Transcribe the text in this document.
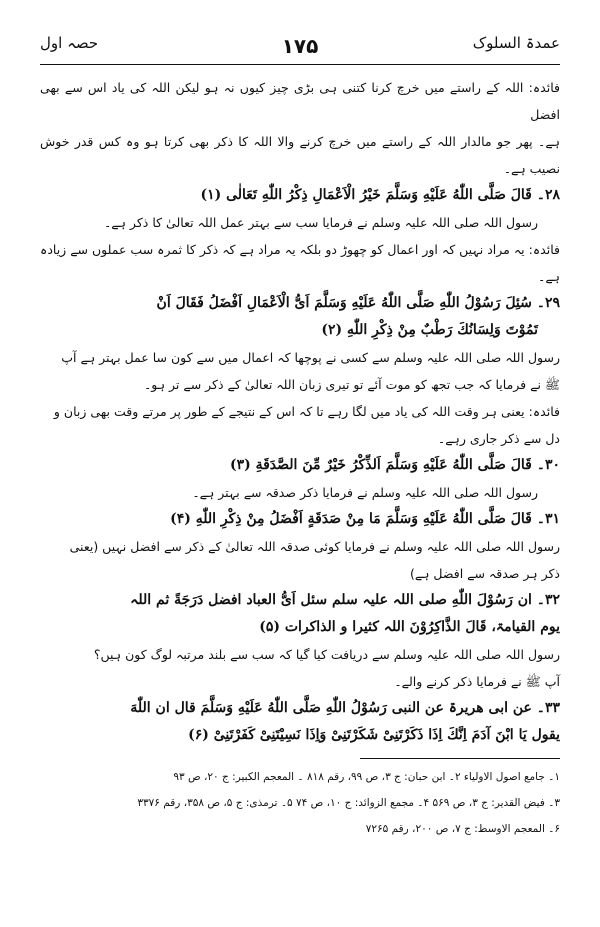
عمدۃ السلوک
۱۷۵
حصہ اول

فائدہ: اللہ کے راستے میں خرچ کرنا کتنی ہی بڑی چیز کیوں نہ ہو لیکن اللہ کی یاد اس سے بھی افضل

ہے۔ پھر جو مالدار اللہ کے راستے میں خرچ کرنے والا اللہ کا ذکر بھی کرتا ہو وہ کس قدر خوش نصیب ہے۔

۲۸۔ قَالَ صَلَّى اللّٰهُ عَلَيْهِ وَسَلَّمَ خَيْرُ الْاَعْمَالِ ذِكْرُ اللّٰهِ تَعَالٰى (۱)

رسول اللہ صلی اللہ علیہ وسلم نے فرمایا سب سے بہتر عمل اللہ تعالیٰ کا ذکر ہے۔

فائدہ: یہ مراد نہیں کہ اور اعمال کو چھوڑ دو بلکہ یہ مراد ہے کہ ذکر کا ثمرہ سب عملوں سے زیادہ ہے۔

۲۹۔ سُئِلَ رَسُوْلُ اللّٰهِ صَلَّى اللّٰهُ عَلَيْهِ وَسَلَّمَ اَیُّ الْاَعْمَالِ اَفْضَلُ فَقَالَ اَنْ

تَمُوْتَ وَلِسَانُكَ رَطْبٌ مِنْ ذِكْرِ اللّٰهِ (۲)

رسول اللہ صلی اللہ علیہ وسلم سے کسی نے پوچھا کہ اعمال میں سے کون سا عمل بہتر ہے آپ

ﷺ نے فرمایا کہ جب تجھ کو موت آئے تو تیری زبان اللہ تعالیٰ کے ذکر سے تر ہو۔

فائدہ: یعنی ہر وقت اللہ کی یاد میں لگا رہے تا کہ اس کے نتیجے کے طور پر مرتے وقت بھی زبان و

دل سے ذکر جاری رہے۔

۳۰۔ قَالَ صَلَّى اللّٰهُ عَلَيْهِ وَسَلَّمَ اَلذِّكْرُ خَيْرٌ مِّنَ الصَّدَقَةِ (۳)

رسول اللہ صلی اللہ علیہ وسلم نے فرمایا ذکر صدقہ سے بہتر ہے۔

۳۱۔ قَالَ صَلَّى اللّٰهُ عَلَيْهِ وَسَلَّمَ مَا مِنْ صَدَقَةٍ اَفْضَلُ مِنْ ذِكْرِ اللّٰهِ (۴)

رسول اللہ صلی اللہ علیہ وسلم نے فرمایا کوئی صدقہ اللہ تعالیٰ کے ذکر سے افضل نہیں (یعنی

ذکر ہر صدقہ سے افضل ہے)

۳۲۔ ان رَسُوْلَ اللّٰهِ صلی اللہ علیہ سلم سئل اَیُّ العباد افضل دَرَجَةً ثم اللہ

یوم القیامۃ، قَالَ الذَّاكِرُوْنَ اللہ کثیرا و الذاکرات (۵)

رسول اللہ صلی اللہ علیہ وسلم سے دریافت کیا گیا کہ سب سے بلند مرتبہ لوگ کون ہیں؟

آپ ﷺ نے فرمایا ذکر کرنے والے۔

۳۳۔ عن ابی ھریرۃ عن النبی رَسُوْلُ اللّٰهِ صَلَّى اللّٰهُ عَلَيْهِ وَسَلَّمَ قال ان اللّٰهَ

يقول يَا ابْنَ آدَمَ اِنَّكَ اِذَا ذَكَرْتَنِیْ شَكَرْتَنِیْ وَاِذَا نَسِيْتَنِیْ كَفَرْتَنِیْ (۶)

۱۔ جامع اصول الاولیاء ۲۔ ابن حبان: ج ۳، ص ۹۹، رقم ۸۱۸ ۔ المعجم الکبیر: ج ۲۰، ص ۹۳

۳۔ فیض القدیر: ج ۳، ص ۵۶۹ ۴۔ مجمع الزوائد: ج ۱۰، ص ۷۴ ۵۔ ترمذی: ج ۵، ص ۳۵۸، رقم ۳۳۷۶

۶۔ المعجم الاوسط: ج ۷، ص ۲۰۰، رقم ۷۲۶۵
